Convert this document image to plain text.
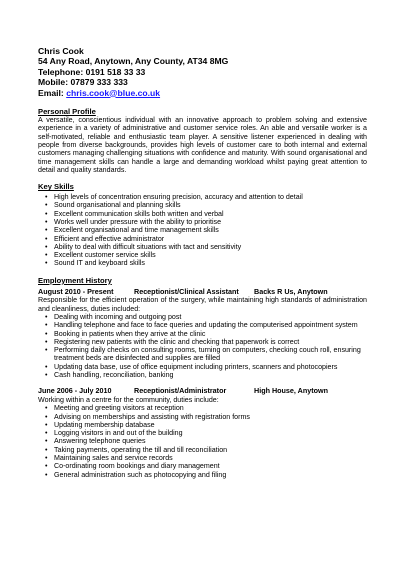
Chris Cook
54 Any Road, Anytown, Any County, AT34 8MG
Telephone: 0191 518 33 33
Mobile: 07879 333 333
Email: chris.cook@blue.co.uk
Personal Profile

A versatile, conscientious individual with an innovative approach to problem solving and extensive experience in a variety of administrative and customer service roles. An able and versatile worker is a self-motivated, reliable and enthusiastic team player. A sensitive listener experienced in dealing with people from diverse backgrounds, provides high levels of customer care to both internal and external customers managing challenging situations with confidence and maturity. With sound organisational and time management skills can handle a large and demanding workload whilst paying great attention to detail and quality standards.

Key Skills
• High levels of concentration ensuring precision, accuracy and attention to detail
• Sound organisational and planning skills
• Excellent communication skills both written and verbal
• Works well under pressure with the ability to prioritise
• Excellent organisational and time management skills
• Efficient and effective administrator
• Ability to deal with difficult situations with tact and sensitivity
• Excellent customer service skills
• Sound IT and keyboard skills
Employment History
August 2010 - Present	Receptionist/Clinical Assistant	Backs R Us, Anytown

Responsible for the efficient operation of the surgery, while maintaining high standards of administration and cleanliness, duties included:

• Dealing with incoming and outgoing post
• Handling telephone and face to face queries and updating the computerised appointment system
• Booking in patients when they arrive at the clinic
• Registering new patients with the clinic and checking that paperwork is correct
• Performing daily checks on consulting rooms, turning on computers, checking couch roll, ensuring treatment beds are disinfected and supplies are filled
• Updating data base, use of office equipment including printers, scanners and photocopiers
• Cash handling, reconciliation, banking
June 2006 - July 2010	Receptionist/Administrator	High House, Anytown

Working within a centre for the community, duties include:

• Meeting and greeting visitors at reception
• Advising on memberships and assisting with registration forms
• Updating membership database
• Logging visitors in and out of the building
• Answering telephone queries
• Taking payments, operating the till and till reconciliation
• Maintaining sales and service records
• Co-ordinating room bookings and diary management
• General administration such as photocopying and filing
